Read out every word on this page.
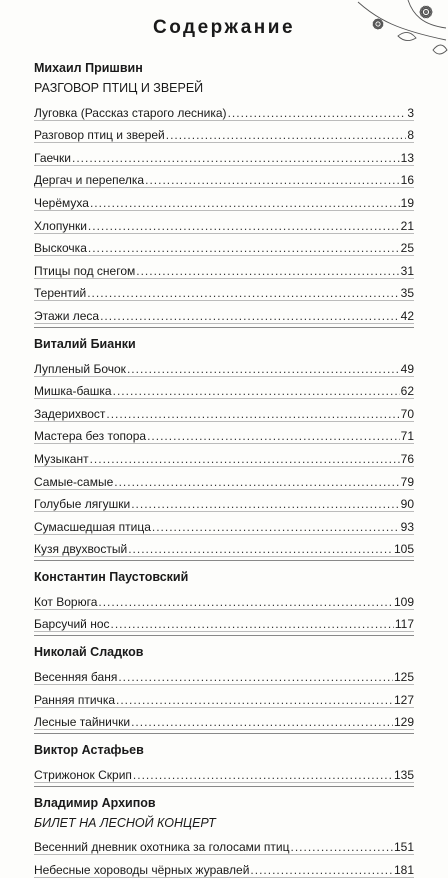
Содержание
Михаил Пришвин
РАЗГОВОР ПТИЦ И ЗВЕРЕЙ
Луговка (Рассказ старого лесника) .....	3
Разговор птиц и зверей .....	8
Гаечки .....	13
Дергач и перепелка .....	16
Черёмуха .....	19
Хлопунки .....	21
Выскочка .....	25
Птицы под снегом .....	31
Терентий .....	35
Этажи леса .....	42
Виталий Бианки
Лупленый Бочок .....	49
Мишка-башка .....	62
Задерихвост .....	70
Мастера без топора .....	71
Музыкант .....	76
Самые-самые .....	79
Голубые лягушки .....	90
Сумасшедшая птица .....	93
Кузя двухвостый .....	105
Константин Паустовский
Кот Ворюга .....	109
Барсучий нос .....	117
Николай Сладков
Весенняя баня .....	125
Ранняя птичка .....	127
Лесные тайнички .....	129
Виктор Астафьев
Стрижонок Скрип .....	135
Владимир Архипов
БИЛЕТ НА ЛЕСНОЙ КОНЦЕРТ
Весенний дневник охотника за голосами птиц .....	151
Небесные хороводы чёрных журавлей .....	181
